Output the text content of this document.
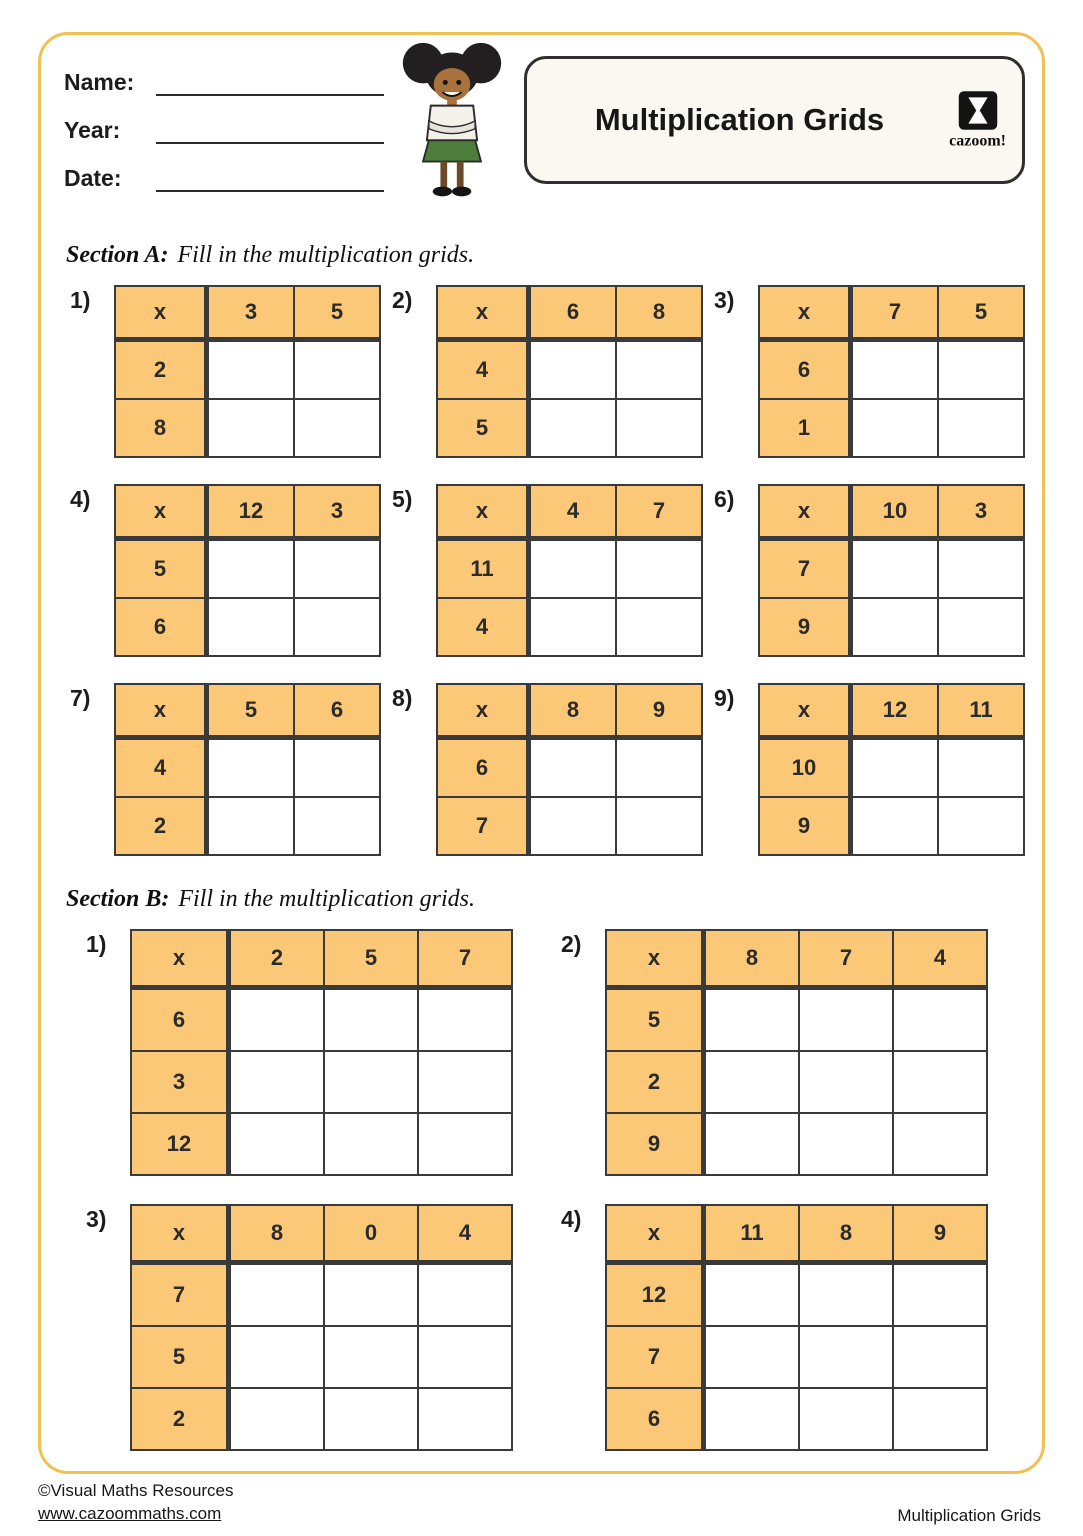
Name:
Year:
Date:
Multiplication Grids
cazoom!
Section A: Fill in the multiplication grids.
1)	x	3	5
2		
8		
2)	x	6	8
4		
5		
3)	x	7	5
6		
1		
4)	x	12	3
5		
6		
5)	x	4	7
11		
4		
6)	x	10	3
7		
9		
7)	x	5	6
4		
2		
8)	x	8	9
6		
7		
9)	x	12	11
10		
9		
Section B: Fill in the multiplication grids.
1)
x	2	5	7
6			
3			
12			
2)
x	8	7	4
5			
2			
9			
3)
x	8	0	4
7			
5			
2			
4)
x	11	8	9
12			
7			
6			
©Visual Maths Resources
www.cazoommaths.com	Multiplication Grids
